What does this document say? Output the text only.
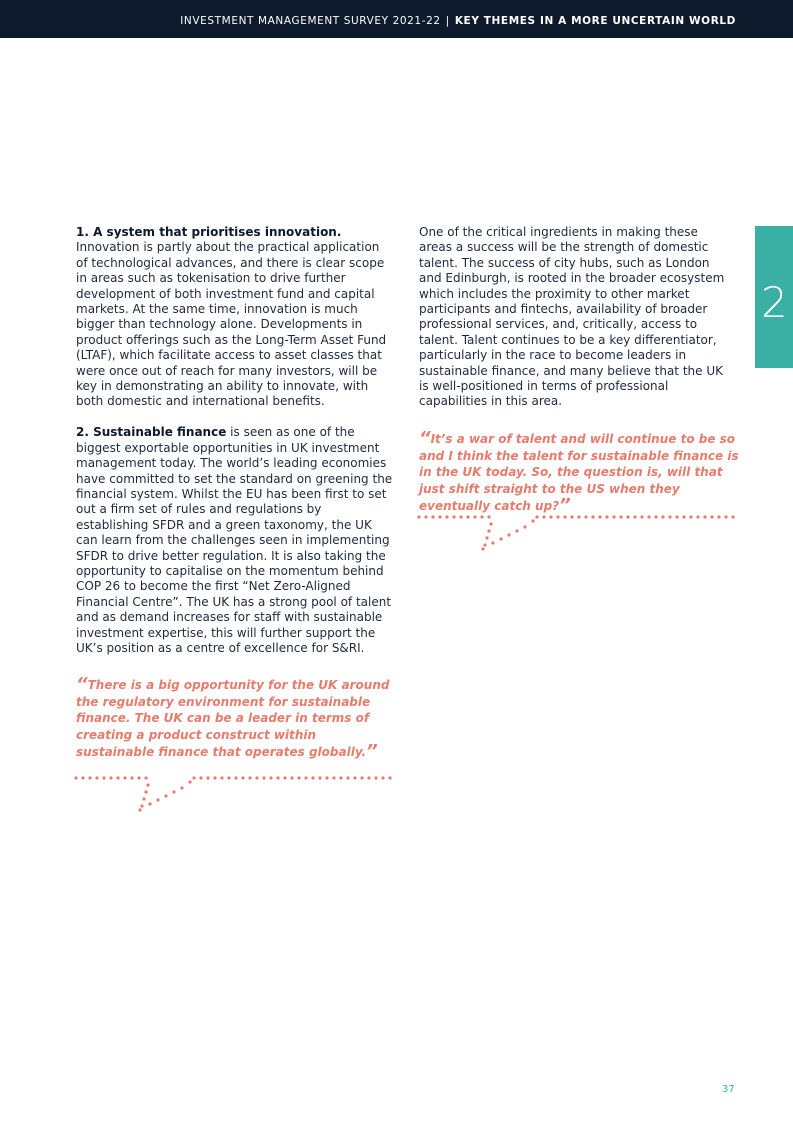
INVESTMENT MANAGEMENT SURVEY 2021-22 | KEY THEMES IN A MORE UNCERTAIN WORLD
2

1. A system that prioritises innovation. Innovation is partly about the practical application of technological advances, and there is clear scope in areas such as tokenisation to drive further development of both investment fund and capital markets. At the same time, innovation is much bigger than technology alone. Developments in product offerings such as the Long-Term Asset Fund (LTAF), which facilitate access to asset classes that were once out of reach for many investors, will be key in demonstrating an ability to innovate, with both domestic and international benefits.

2. Sustainable finance is seen as one of the biggest exportable opportunities in UK investment management today. The world’s leading economies have committed to set the standard on greening the financial system. Whilst the EU has been first to set out a firm set of rules and regulations by establishing SFDR and a green taxonomy, the UK can learn from the challenges seen in implementing SFDR to drive better regulation. It is also taking the opportunity to capitalise on the momentum behind COP 26 to become the first “Net Zero-Aligned Financial Centre”. The UK has a strong pool of talent and as demand increases for staff with sustainable investment expertise, this will further support the UK’s position as a centre of excellence for S&RI.

One of the critical ingredients in making these areas a success will be the strength of domestic talent. The success of city hubs, such as London and Edinburgh, is rooted in the broader ecosystem which includes the proximity to other market participants and fintechs, availability of broader professional services, and, critically, access to talent. Talent continues to be a key differentiator, particularly in the race to become leaders in sustainable finance, and many believe that the UK is well-positioned in terms of professional capabilities in this area.

“There is a big opportunity for the UK around the regulatory environment for sustainable finance. The UK can be a leader in terms of creating a product construct within sustainable finance that operates globally.”
“It’s a war of talent and will continue to be so and I think the talent for sustainable finance is in the UK today. So, the question is, will that just shift straight to the US when they eventually catch up?”
37
